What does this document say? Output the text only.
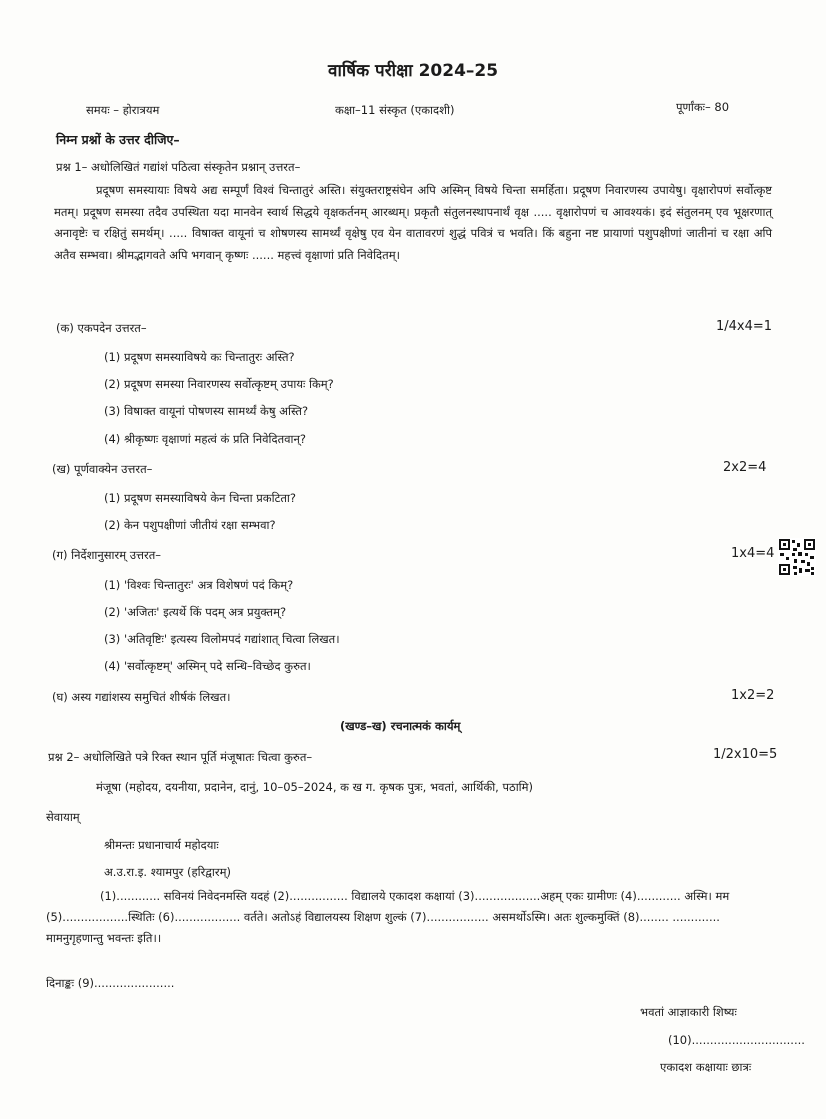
वार्षिक परीक्षा 2024–25
समयः – होरात्रयम	कक्षा–11 संस्कृत (एकादशी)	पूर्णांकः– 80
निम्न प्रश्नों के उत्तर दीजिए–
प्रश्न 1– अधोलिखितं गद्यांशं पठित्वा संस्कृतेन प्रश्नान् उत्तरत–
प्रदूषण समस्यायाः विषये अद्य सम्पूर्णं विश्वं चिन्तातुरं अस्ति। संयुक्तराष्ट्रसंघेन अपि अस्मिन् विषये चिन्ता समर्हिता। प्रदूषण निवारणस्य उपायेषु। वृक्षारोपणं सर्वोत्कृष्ट मतम्। प्रदूषण समस्या तदैव उपस्थिता यदा मानवेन स्वार्थ सिद्धये वृक्षकर्तनम् आरब्धम्। प्रकृतौ संतुलनस्थापनार्थं वृक्ष ..... वृक्षारोपणं च आवश्यकं। इदं संतुलनम् एव भूक्षरणात् अनावृष्टेः च रक्षितुं समर्थम्। ..... विषाक्त वायूनां च शोषणस्य सामर्थ्यं वृक्षेषु एव येन वातावरणं शुद्धं पवित्रं च भवति। किं बहुना नष्ट प्रायाणां पशुपक्षीणां जातीनां च रक्षा अपि अतैव सम्भवा। श्रीमद्भागवते अपि भगवान् कृष्णः ...... महत्त्वं वृक्षाणां प्रति निवेदितम्।
(क) एकपदेन उत्तरत–	1/4x4=1
(1) प्रदूषण समस्याविषये कः चिन्तातुरः अस्ति?
(2) प्रदूषण समस्या निवारणस्य सर्वोत्कृष्टम् उपायः किम्?
(3) विषाक्त वायूनां पोषणस्य सामर्थ्यं केषु अस्ति?
(4) श्रीकृष्णः वृक्षाणां महत्वं कं प्रति निवेदितवान्?
(ख) पूर्णवाक्येन उत्तरत–	2x2=4
(1) प्रदूषण समस्याविषये केन चिन्ता प्रकटिता?
(2) केन पशुपक्षीणां जीतीयं रक्षा सम्भवा?
(ग) निर्देशानुसारम् उत्तरत–	1x4=4
(1) 'विश्वः चिन्तातुरः' अत्र विशेषणं पदं किम्?
(2) 'अजितः' इत्यर्थे किं पदम् अत्र प्रयुक्तम्?
(3) 'अतिवृष्टिः' इत्यस्य विलोमपदं गद्यांशात् चित्वा लिखत।
(4) 'सर्वोत्कृष्टम्' अस्मिन् पदे सन्धि–विच्छेद कुरुत।
(घ) अस्य गद्यांशस्य समुचितं शीर्षकं लिखत।	1x2=2
(खण्ड–ख) रचनात्मकं कार्यम्
प्रश्न 2– अधोलिखिते पत्रे रिक्त स्थान पूर्ति मंजूषातः चित्वा कुरुत–	1/2x10=5
मंजूषा (महोदय, दयनीया, प्रदानेन, दानुं, 10–05–2024, क ख ग. कृषक पुत्रः, भवतां, आर्थिकी, पठामि)
सेवायाम्
श्रीमन्तः प्रधानाचार्य महोदयाः
अ.उ.रा.इ. श्यामपुर (हरिद्वारम्)
(1)............ सविनयं निवेदनमस्ति यदहं (2)................ विद्यालये एकादश कक्षायां (3)..................अहम् एकः ग्रामीणः (4)............ अस्मि। मम (5)..................स्थितिः (6).................. वर्तते। अतोऽहं विद्यालयस्य शिक्षण शुल्कं (7)................. असमर्थोऽस्मि। अतः शुल्कमुक्तिं (8)........ ............. मामनुगृहणान्तु भवन्तः इति।।
दिनाङ्कः (9)......................
भवतां आज्ञाकारी शिष्यः
(10)...............................
एकादश कक्षायाः छात्रः
